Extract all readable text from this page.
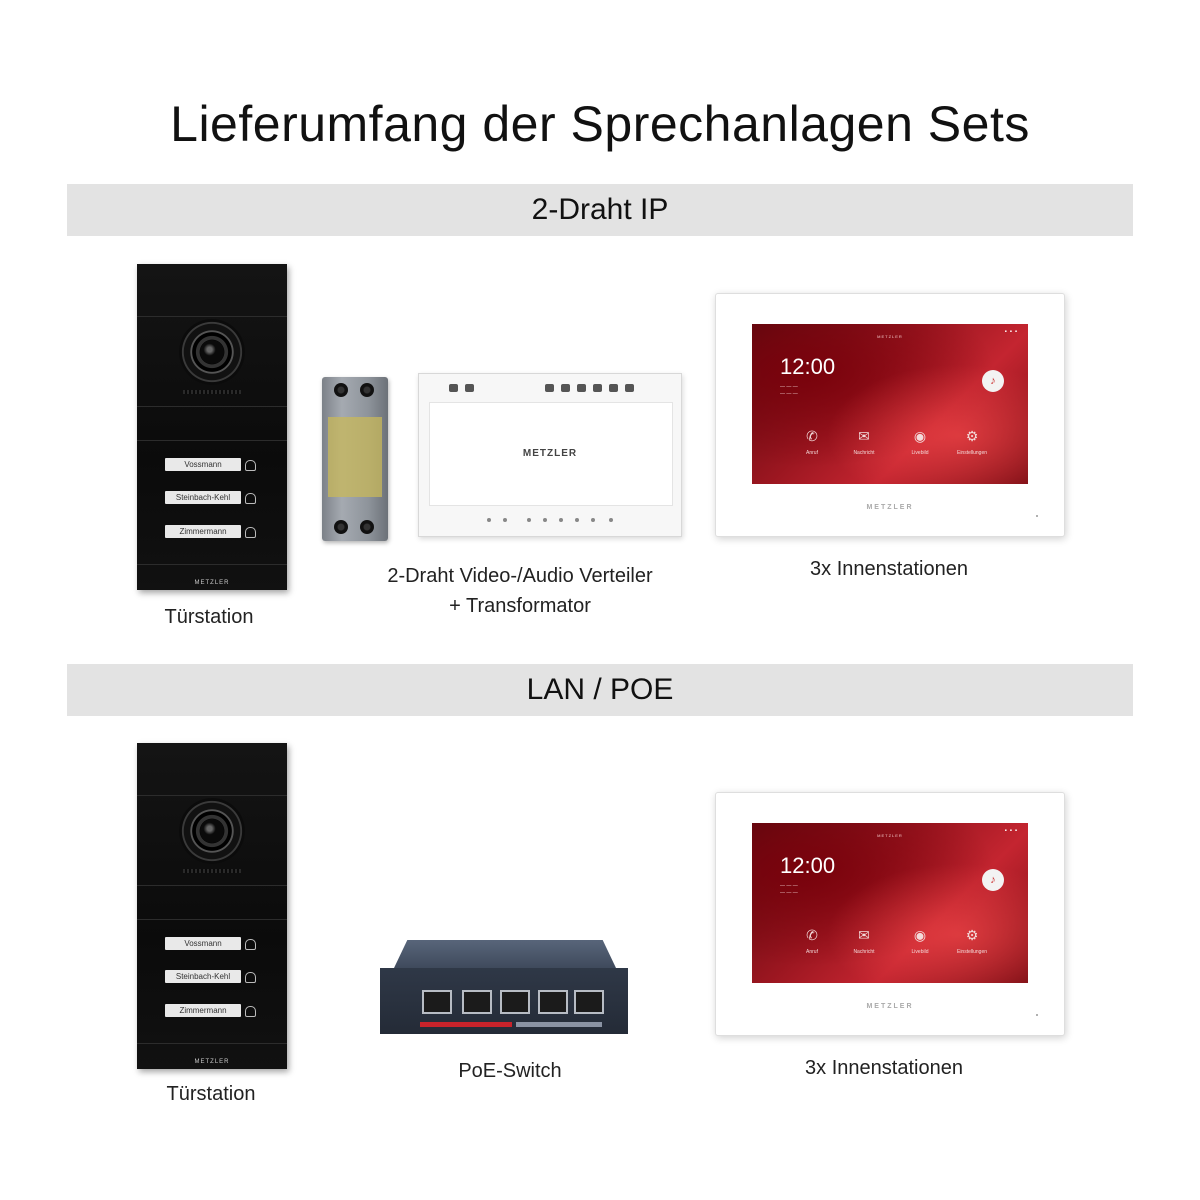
Lieferumfang der Sprechanlagen Sets
2-Draht IP
Vossmann
Steinbach-Kehl
Zimmermann
METZLER
Türstation
METZLER
2-Draht Video-/Audio Verteiler
+ Transformator
METZLER
▪▪▪
12:00
— — —
— — —
♪
✆
Anruf
✉
Nachricht
◉
Livebild
⚙
Einstellungen
METZLER
3x Innenstationen
LAN / POE
Vossmann
Steinbach-Kehl
Zimmermann
METZLER
Türstation
PoE-Switch
METZLER
▪▪▪
12:00
— — —
— — —
♪
✆
Anruf
✉
Nachricht
◉
Livebild
⚙
Einstellungen
METZLER
3x Innenstationen
